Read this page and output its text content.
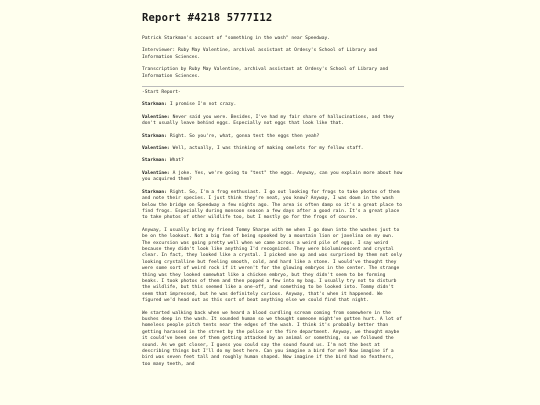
Report #4218 5777I12

Patrick Starkman's account of "something in the wash" near Speedway.

Interviewer: Ruby May Valentine, archival assistant at Ordesy's School of Library and Information Sciences.

Transcription by Ruby May Valentine, archival assistant at Ordesy's School of Library and Information Sciences.

-Start Report-

Starkman: I promise I'm not crazy.

Valentine: Never said you were. Besides, I've had my fair share of hallucinations, and they don't usually leave behind eggs. Especially not eggs that look like that.

Starkman: Right. So you're, what, gonna test the eggs then yeah?

Valentine: Well, actually, I was thinking of making omelets for my fellow staff.

Starkman: What?

Valentine: A joke. Yes, we're going to "test" the eggs. Anyway, can you explain more about how you acquired them?

Starkman: Right. So, I'm a frog enthusiast. I go out looking for frogs to take photos of them and note their species. I just think they're neat, you know? Anyway, I was down in the wash below the bridge on Speedway a few nights ago. The area is often damp so it's a great place to find frogs. Especially during monsoon season a few days after a good rain. It's a great place to take photos of other wildlife too, but I mostly go for the frogs of course.

Anyway, I usually bring my friend Tommy Sharpe with me when I go down into the washes just to be on the lookout. Not a big fan of being spooked by a mountain lion or javelina on my own. The excursion was going pretty well when we came across a weird pile of eggs. I say weird because they didn't look like anything I'd recognized. They were bioluminescent and crystal clear. In fact, they looked like a crystal. I picked one up and was surprised by them not only looking crystalline but feeling smooth, cold, and hard like a stone. I would've thought they were some sort of weird rock if it weren't for the glowing embryos in the center. The strange thing was they looked somewhat like a chicken embryo, but they didn't seem to be forming beaks. I took photos of them and then popped a few into my bag. I usually try not to disturb the wildlife, but this seemed like a one-off, and something to be looked into. Tommy didn't seem that impressed, but he was definitely curious. Anyway, that's when it happened. We figured we'd head out as this sort of beat anything else we could find that night.

We started walking back when we heard a blood curdling scream coming from somewhere in the bushes deep in the wash. It sounded human so we thought someone might've gotten hurt. A lot of homeless people pitch tents near the edges of the wash. I think it's probably better than getting harassed in the street by the police or the fire department. Anyway, we thought maybe it could've been one of them getting attacked by an animal or something, so we followed the sound. As we got closer, I guess you could say the sound found us. I'm not the best at describing things but I'll do my best here. Can you imagine a bird for me? Now imagine if a bird was seven feet tall and roughly human shaped. Now imagine if the bird had no feathers, too many teeth, and
